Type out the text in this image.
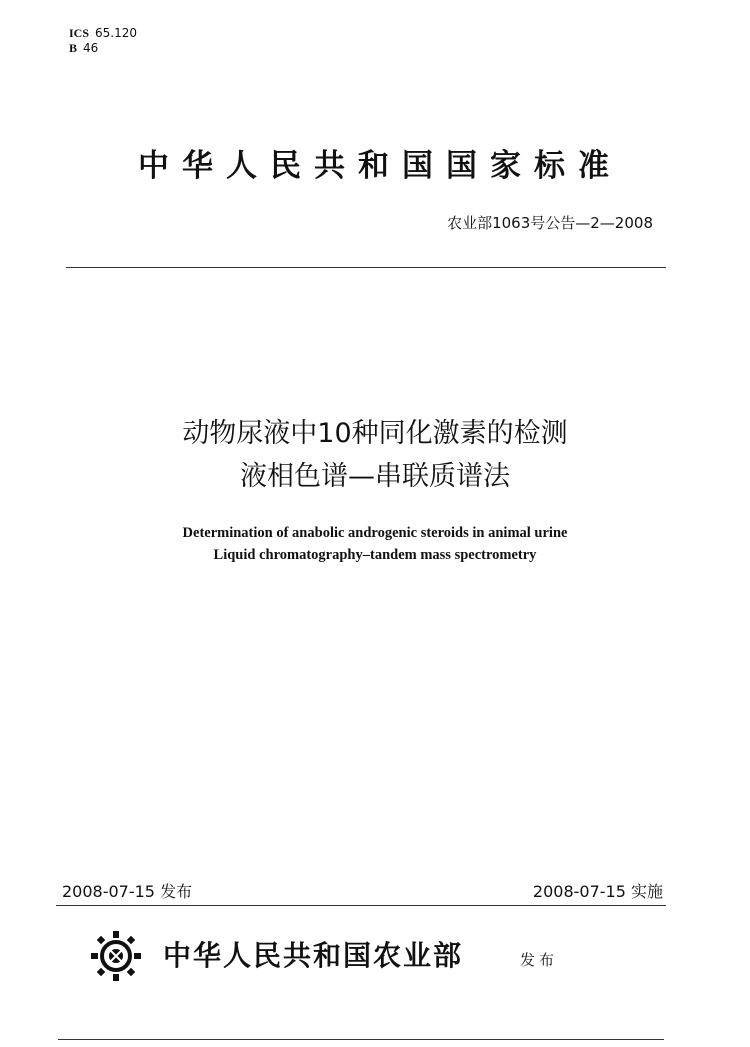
ICS 65.120
B 46
中华人民共和国国家标准
农业部1063号公告—2—2008
动物尿液中10种同化激素的检测
液相色谱—串联质谱法
Determination of anabolic androgenic steroids in animal urine
Liquid chromatography–tandem mass spectrometry
2008-07-15 发布	2008-07-15 实施
中华人民共和国农业部	发布
